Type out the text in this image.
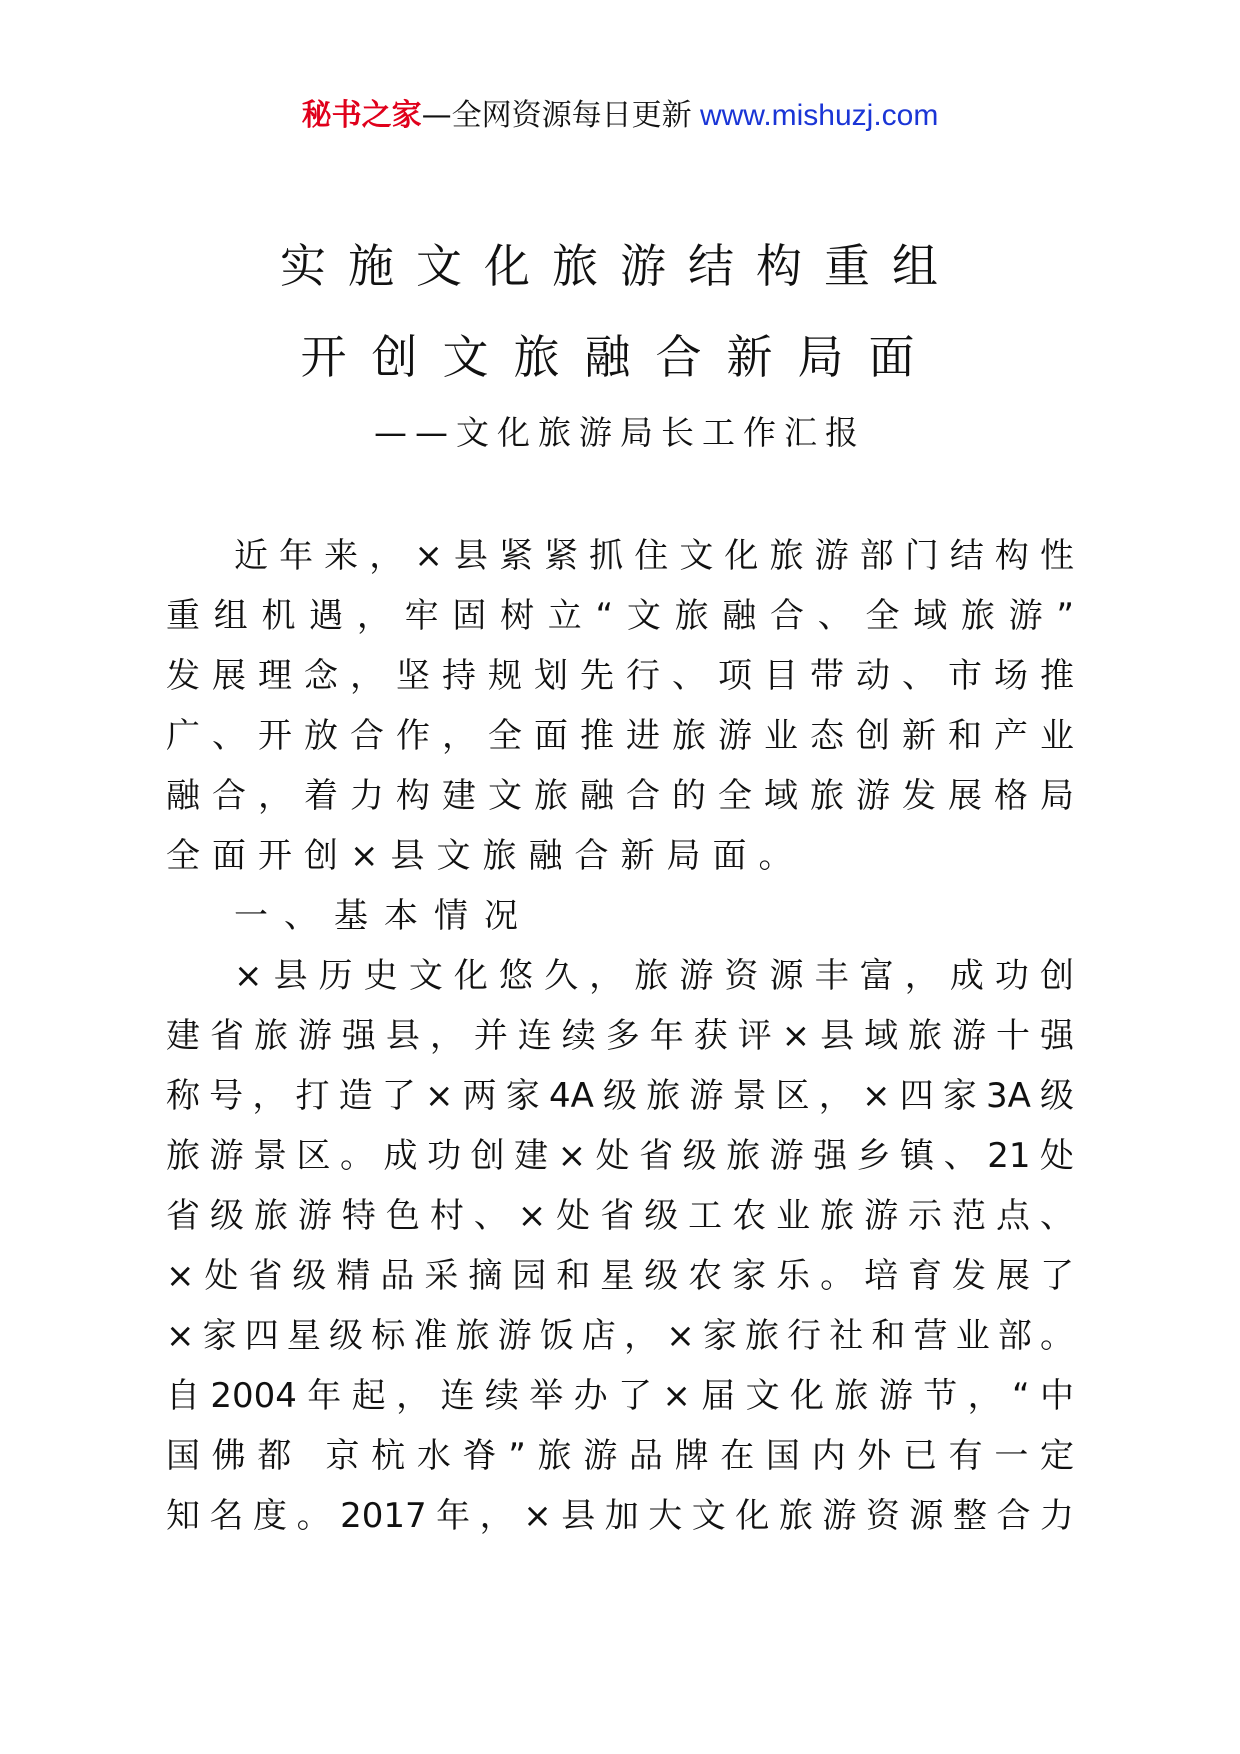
秘书之家—全网资源每日更新 www.mishuzj.com
实施文化旅游结构重组
开创文旅融合新局面
——文化旅游局长工作汇报
近年来，×县紧紧抓住文化旅游部门结构性
重组机遇，牢固树立“文旅融合、全域旅游”
发展理念，坚持规划先行、项目带动、市场推
广、开放合作，全面推进旅游业态创新和产业
融合，着力构建文旅融合的全域旅游发展格局
全面开创×县文旅融合新局面。
一、基本情况
×县历史文化悠久，旅游资源丰富，成功创
建省旅游强县，并连续多年获评×县域旅游十强
称号，打造了×两家4A级旅游景区，×四家3A级
旅游景区。成功创建×处省级旅游强乡镇、21处
省级旅游特色村、×处省级工农业旅游示范点、
×处省级精品采摘园和星级农家乐。培育发展了
×家四星级标准旅游饭店，×家旅行社和营业部。
自2004年起，连续举办了×届文化旅游节，“中
国佛都 京杭水脊”旅游品牌在国内外已有一定
知名度。2017年，×县加大文化旅游资源整合力
